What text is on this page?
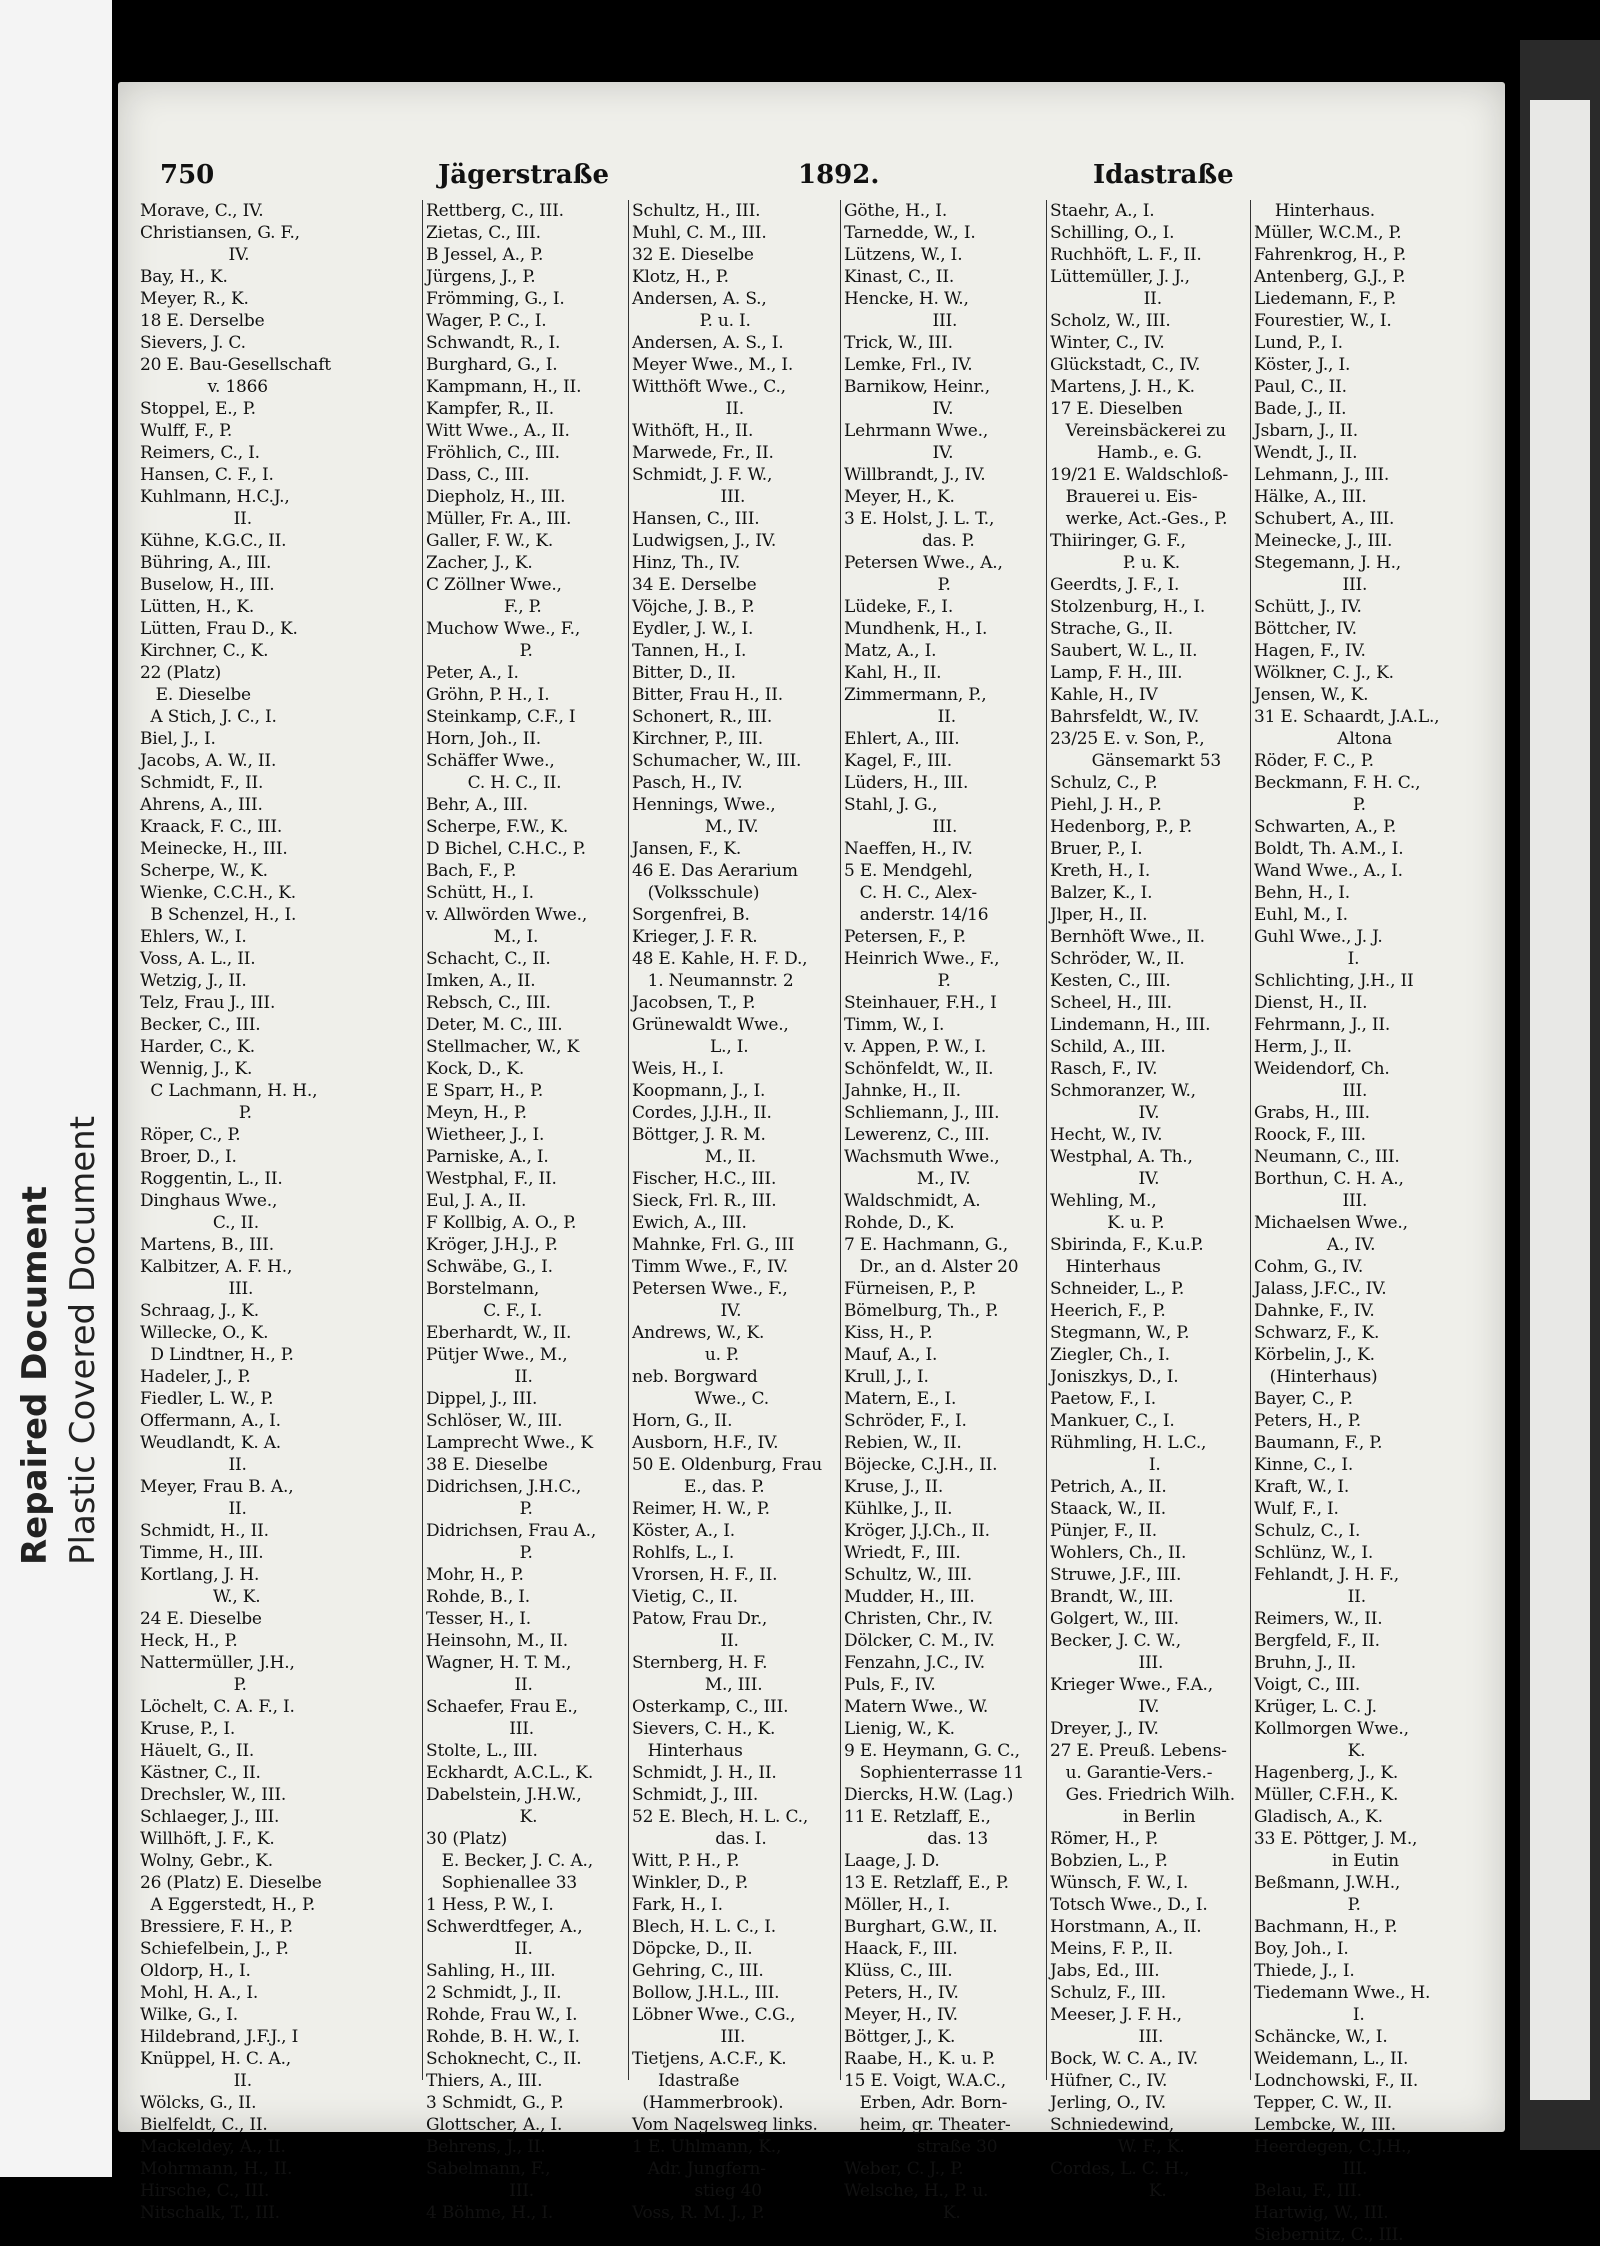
Repaired Document Plastic Covered Document
750	Jägerstraße	1892.	Idastraße
Morave, C., IV.
Christiansen, G. F.,
IV.
Bay, H., K.
Meyer, R., K.
18 E. Derselbe
Sievers, J. C.
20 E. Bau-Gesellschaft
v. 1866
Stoppel, E., P.
Wulff, F., P.
Reimers, C., I.
Hansen, C. F., I.
Kuhlmann, H.C.J.,
II.
Kühne, K.G.C., II.
Bühring, A., III.
Buselow, H., III.
Lütten, H., K.
Lütten, Frau D., K.
Kirchner, C., K.
22 (Platz)
E. Dieselbe
A Stich, J. C., I.
Biel, J., I.
Jacobs, A. W., II.
Schmidt, F., II.
Ahrens, A., III.
Kraack, F. C., III.
Meinecke, H., III.
Scherpe, W., K.
Wienke, C.C.H., K.
B Schenzel, H., I.
Ehlers, W., I.
Voss, A. L., II.
Wetzig, J., II.
Telz, Frau J., III.
Becker, C., III.
Harder, C., K.
Wennig, J., K.
C Lachmann, H. H.,
P.
Röper, C., P.
Broer, D., I.
Roggentin, L., II.
Dinghaus Wwe.,
C., II.
Martens, B., III.
Kalbitzer, A. F. H.,
III.
Schraag, J., K.
Willecke, O., K.
D Lindtner, H., P.
Hadeler, J., P.
Fiedler, L. W., P.
Offermann, A., I.
Weudlandt, K. A.
II.
Meyer, Frau B. A.,
II.
Schmidt, H., II.
Timme, H., III.
Kortlang, J. H.
W., K.
24 E. Dieselbe
Heck, H., P.
Nattermüller, J.H.,
P.
Löchelt, C. A. F., I.
Kruse, P., I.
Häuelt, G., II.
Kästner, C., II.
Drechsler, W., III.
Schlaeger, J., III.
Willhöft, J. F., K.
Wolny, Gebr., K.
26 (Platz) E. Dieselbe
A Eggerstedt, H., P.
Bressiere, F. H., P.
Schiefelbein, J., P.
Oldorp, H., I.
Mohl, H. A., I.
Wilke, G., I.
Hildebrand, J.F.J., I
Knüppel, H. C. A.,
II.
Wölcks, G., II.
Bielfeldt, C., II.
Mackeldey, A., II.
Mohrmann, H., II.
Hirsche, C., III.
Nitschalk, T., III.
Rettberg, C., III.
Zietas, C., III.
B Jessel, A., P.
Jürgens, J., P.
Frömming, G., I.
Wager, P. C., I.
Schwandt, R., I.
Burghard, G., I.
Kampmann, H., II.
Kampfer, R., II.
Witt Wwe., A., II.
Fröhlich, C., III.
Dass, C., III.
Diepholz, H., III.
Müller, Fr. A., III.
Galler, F. W., K.
Zacher, J., K.
C Zöllner Wwe.,
F., P.
Muchow Wwe., F.,
P.
Peter, A., I.
Gröhn, P. H., I.
Steinkamp, C.F., I
Horn, Joh., II.
Schäffer Wwe.,
C. H. C., II.
Behr, A., III.
Scherpe, F.W., K.
D Bichel, C.H.C., P.
Bach, F., P.
Schütt, H., I.
v. Allwörden Wwe.,
M., I.
Schacht, C., II.
Imken, A., II.
Rebsch, C., III.
Deter, M. C., III.
Stellmacher, W., K
Kock, D., K.
E Sparr, H., P.
Meyn, H., P.
Wietheer, J., I.
Parniske, A., I.
Westphal, F., II.
Eul, J. A., II.
F Kollbig, A. O., P.
Kröger, J.H.J., P.
Schwäbe, G., I.
Borstelmann,
C. F., I.
Eberhardt, W., II.
Pütjer Wwe., M.,
II.
Dippel, J., III.
Schlöser, W., III.
Lamprecht Wwe., K
38 E. Dieselbe
Didrichsen, J.H.C.,
P.
Didrichsen, Frau A.,
P.
Mohr, H., P.
Rohde, B., I.
Tesser, H., I.
Heinsohn, M., II.
Wagner, H. T. M.,
II.
Schaefer, Frau E.,
III.
Stolte, L., III.
Eckhardt, A.C.L., K.
Dabelstein, J.H.W.,
K.
30 (Platz)
E. Becker, J. C. A.,
Sophienallee 33
1 Hess, P. W., I.
Schwerdtfeger, A.,
II.
Sahling, H., III.
2 Schmidt, J., II.
Rohde, Frau W., I.
Rohde, B. H. W., I.
Schoknecht, C., II.
Thiers, A., III.
3 Schmidt, G., P.
Glottscher, A., I.
Behrens, J., II.
Sabelmann, F.,
III.
4 Böhme, H., I.
Schultz, H., III.
Muhl, C. M., III.
32 E. Dieselbe
Klotz, H., P.
Andersen, A. S.,
P. u. I.
Andersen, A. S., I.
Meyer Wwe., M., I.
Witthöft Wwe., C.,
II.
Withöft, H., II.
Marwede, Fr., II.
Schmidt, J. F. W.,
III.
Hansen, C., III.
Ludwigsen, J., IV.
Hinz, Th., IV.
34 E. Derselbe
Vöjche, J. B., P.
Eydler, J. W., I.
Tannen, H., I.
Bitter, D., II.
Bitter, Frau H., II.
Schonert, R., III.
Kirchner, P., III.
Schumacher, W., III.
Pasch, H., IV.
Hennings, Wwe.,
M., IV.
Jansen, F., K.
46 E. Das Aerarium
(Volksschule)
Sorgenfrei, B.
Krieger, J. F. R.
48 E. Kahle, H. F. D.,
1. Neumannstr. 2
Jacobsen, T., P.
Grünewaldt Wwe.,
L., I.
Weis, H., I.
Koopmann, J., I.
Cordes, J.J.H., II.
Böttger, J. R. M.
M., II.
Fischer, H.C., III.
Sieck, Frl. R., III.
Ewich, A., III.
Mahnke, Frl. G., III
Timm Wwe., F., IV.
Petersen Wwe., F.,
IV.
Andrews, W., K.
u. P.
neb. Borgward
Wwe., C.
Horn, G., II.
Ausborn, H.F., IV.
50 E. Oldenburg, Frau
E., das. P.
Reimer, H. W., P.
Köster, A., I.
Rohlfs, L., I.
Vrorsen, H. F., II.
Vietig, C., II.
Patow, Frau Dr.,
II.
Sternberg, H. F.
M., III.
Osterkamp, C., III.
Sievers, C. H., K.
Hinterhaus
Schmidt, J. H., II.
Schmidt, J., III.
52 E. Blech, H. L. C.,
das. I.
Witt, P. H., P.
Winkler, D., P.
Fark, H., I.
Blech, H. L. C., I.
Döpcke, D., II.
Gehring, C., III.
Bollow, J.H.L., III.
Löbner Wwe., C.G.,
III.
Tietjens, A.C.F., K.
Idastraße
(Hammerbrook).
Vom Nagelsweg links.
1 E. Uhlmann, K.,
Adr. Jungfern-
stieg 40
Voss, R. M. J., P.
Göthe, H., I.
Tarnedde, W., I.
Lützens, W., I.
Kinast, C., II.
Hencke, H. W.,
III.
Trick, W., III.
Lemke, Frl., IV.
Barnikow, Heinr.,
IV.
Lehrmann Wwe.,
IV.
Willbrandt, J., IV.
Meyer, H., K.
3 E. Holst, J. L. T.,
das. P.
Petersen Wwe., A.,
P.
Lüdeke, F., I.
Mundhenk, H., I.
Matz, A., I.
Kahl, H., II.
Zimmermann, P.,
II.
Ehlert, A., III.
Kagel, F., III.
Lüders, H., III.
Stahl, J. G.,
III.
Naeffen, H., IV.
5 E. Mendgehl,
C. H. C., Alex-
anderstr. 14/16
Petersen, F., P.
Heinrich Wwe., F.,
P.
Steinhauer, F.H., I
Timm, W., I.
v. Appen, P. W., I.
Schönfeldt, W., II.
Jahnke, H., II.
Schliemann, J., III.
Lewerenz, C., III.
Wachsmuth Wwe.,
M., IV.
Waldschmidt, A.
Rohde, D., K.
7 E. Hachmann, G.,
Dr., an d. Alster 20
Fürneisen, P., P.
Bömelburg, Th., P.
Kiss, H., P.
Mauf, A., I.
Krull, J., I.
Matern, E., I.
Schröder, F., I.
Rebien, W., II.
Böjecke, C.J.H., II.
Kruse, J., II.
Kühlke, J., II.
Kröger, J.J.Ch., II.
Wriedt, F., III.
Schultz, W., III.
Mudder, H., III.
Christen, Chr., IV.
Dölcker, C. M., IV.
Fenzahn, J.C., IV.
Puls, F., IV.
Matern Wwe., W.
Lienig, W., K.
9 E. Heymann, G. C.,
Sophienterrasse 11
Diercks, H.W. (Lag.)
11 E. Retzlaff, E.,
das. 13
Laage, J. D.
13 E. Retzlaff, E., P.
Möller, H., I.
Burghart, G.W., II.
Haack, F., III.
Klüss, C., III.
Peters, H., IV.
Meyer, H., IV.
Böttger, J., K.
Raabe, H., K. u. P.
15 E. Voigt, W.A.C.,
Erben, Adr. Born-
heim, gr. Theater-
straße 30
Weber, C. J., P.
Welsche, H., P. u.
K.
Staehr, A., I.
Schilling, O., I.
Ruchhöft, L. F., II.
Lüttemüller, J. J.,
II.
Scholz, W., III.
Winter, C., IV.
Glückstadt, C., IV.
Martens, J. H., K.
17 E. Dieselben
Vereinsbäckerei zu
Hamb., e. G.
19/21 E. Waldschloß-
Brauerei u. Eis-
werke, Act.-Ges., P.
Thiiringer, G. F.,
P. u. K.
Geerdts, J. F., I.
Stolzenburg, H., I.
Strache, G., II.
Saubert, W. L., II.
Lamp, F. H., III.
Kahle, H., IV
Bahrsfeldt, W., IV.
23/25 E. v. Son, P.,
Gänsemarkt 53
Schulz, C., P.
Piehl, J. H., P.
Hedenborg, P., P.
Bruer, P., I.
Kreth, H., I.
Balzer, K., I.
Jlper, H., II.
Bernhöft Wwe., II.
Schröder, W., II.
Kesten, C., III.
Scheel, H., III.
Lindemann, H., III.
Schild, A., III.
Rasch, F., IV.
Schmoranzer, W.,
IV.
Hecht, W., IV.
Westphal, A. Th.,
IV.
Wehling, M.,
K. u. P.
Sbirinda, F., K.u.P.
Hinterhaus
Schneider, L., P.
Heerich, F., P.
Stegmann, W., P.
Ziegler, Ch., I.
Joniszkys, D., I.
Paetow, F., I.
Mankuer, C., I.
Rühmling, H. L.C.,
I.
Petrich, A., II.
Staack, W., II.
Pünjer, F., II.
Wohlers, Ch., II.
Struwe, J.F., III.
Brandt, W., III.
Golgert, W., III.
Becker, J. C. W.,
III.
Krieger Wwe., F.A.,
IV.
Dreyer, J., IV.
27 E. Preuß. Lebens-
u. Garantie-Vers.-
Ges. Friedrich Wilh.
in Berlin
Römer, H., P.
Bobzien, L., P.
Wünsch, F. W., I.
Totsch Wwe., D., I.
Horstmann, A., II.
Meins, F. P., II.
Jabs, Ed., III.
Schulz, F., III.
Meeser, J. F. H.,
III.
Bock, W. C. A., IV.
Hüfner, C., IV.
Jerling, O., IV.
Schniedewind,
W. F., K.
Cordes, L. C. H.,
K.
Hinterhaus.
Müller, W.C.M., P.
Fahrenkrog, H., P.
Antenberg, G.J., P.
Liedemann, F., P.
Fourestier, W., I.
Lund, P., I.
Köster, J., I.
Paul, C., II.
Bade, J., II.
Jsbarn, J., II.
Wendt, J., II.
Lehmann, J., III.
Hälke, A., III.
Schubert, A., III.
Meinecke, J., III.
Stegemann, J. H.,
III.
Schütt, J., IV.
Böttcher, IV.
Hagen, F., IV.
Wölkner, C. J., K.
Jensen, W., K.
31 E. Schaardt, J.A.L.,
Altona
Röder, F. C., P.
Beckmann, F. H. C.,
P.
Schwarten, A., P.
Boldt, Th. A.M., I.
Wand Wwe., A., I.
Behn, H., I.
Euhl, M., I.
Guhl Wwe., J. J.
I.
Schlichting, J.H., II
Dienst, H., II.
Fehrmann, J., II.
Herm, J., II.
Weidendorf, Ch.
III.
Grabs, H., III.
Roock, F., III.
Neumann, C., III.
Borthun, C. H. A.,
III.
Michaelsen Wwe.,
A., IV.
Cohm, G., IV.
Jalass, J.F.C., IV.
Dahnke, F., IV.
Schwarz, F., K.
Körbelin, J., K.
(Hinterhaus)
Bayer, C., P.
Peters, H., P.
Baumann, F., P.
Kinne, C., I.
Kraft, W., I.
Wulf, F., I.
Schulz, C., I.
Schlünz, W., I.
Fehlandt, J. H. F.,
II.
Reimers, W., II.
Bergfeld, F., II.
Bruhn, J., II.
Voigt, C., III.
Krüger, L. C. J.
Kollmorgen Wwe.,
K.
Hagenberg, J., K.
Müller, C.F.H., K.
Gladisch, A., K.
33 E. Pöttger, J. M.,
in Eutin
Beßmann, J.W.H.,
P.
Bachmann, H., P.
Boy, Joh., I.
Thiede, J., I.
Tiedemann Wwe., H.
I.
Schäncke, W., I.
Weidemann, L., II.
Lodnchowski, F., II.
Tepper, C. W., II.
Lembcke, W., III.
Heerdegen, C.J.H.,
III.
Belau, F., III.
Hartwig, W., III.
Siebernitz, C., III.
